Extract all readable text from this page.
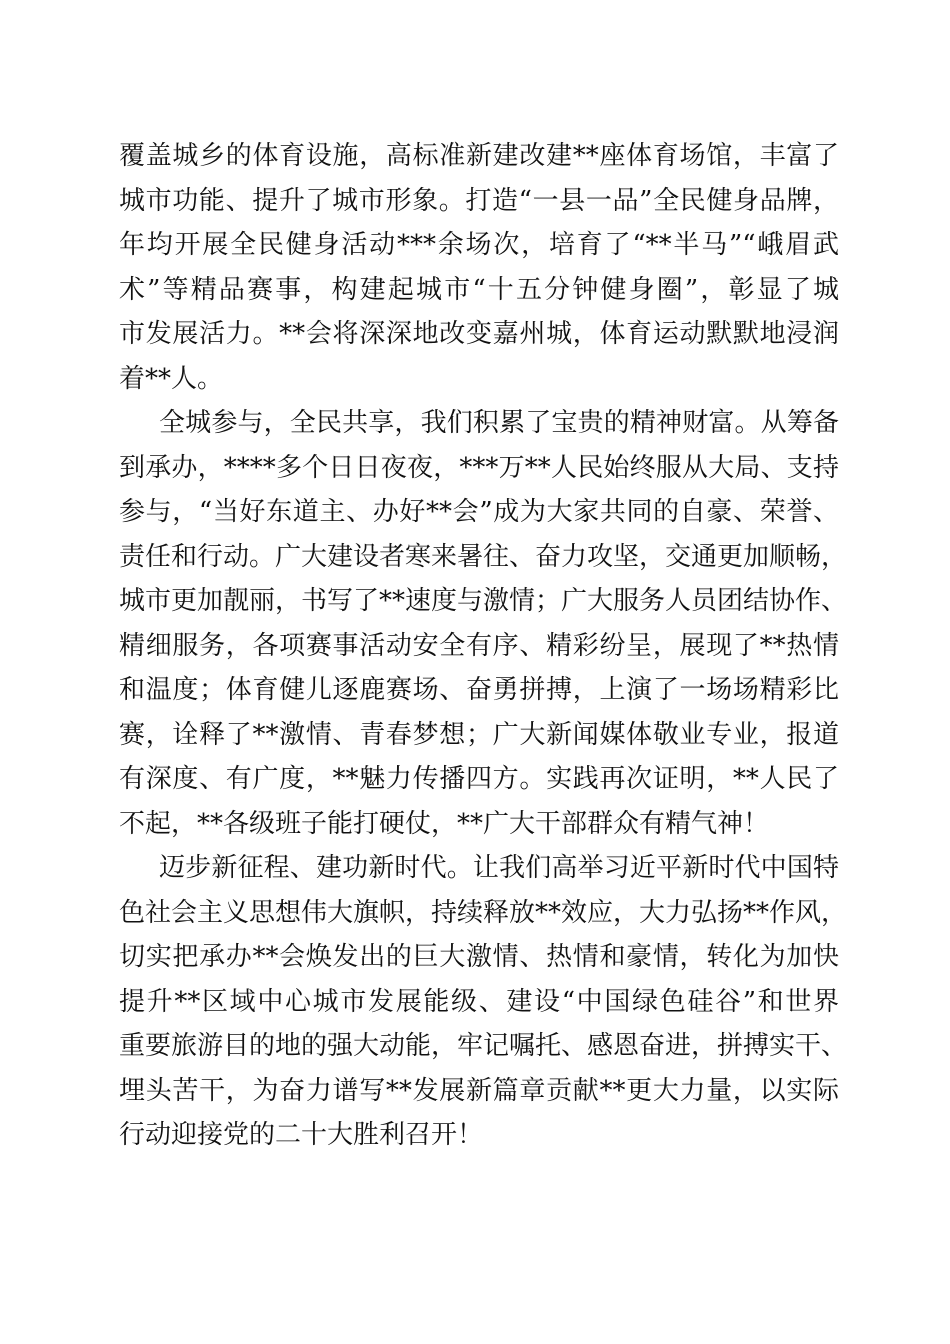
覆盖城乡的体育设施，高标准新建改建**座体育场馆，丰富了
城市功能、提升了城市形象。打造“一县一品”全民健身品牌，
年均开展全民健身活动***余场次，培育了“**半马”“峨眉武
术”等精品赛事，构建起城市“十五分钟健身圈”，彰显了城
市发展活力。**会将深深地改变嘉州城，体育运动默默地浸润
着**人。
全城参与，全民共享，我们积累了宝贵的精神财富。从筹备
到承办，****多个日日夜夜，***万**人民始终服从大局、支持
参与，“当好东道主、办好**会”成为大家共同的自豪、荣誉、
责任和行动。广大建设者寒来暑往、奋力攻坚，交通更加顺畅，
城市更加靓丽，书写了**速度与激情；广大服务人员团结协作、
精细服务，各项赛事活动安全有序、精彩纷呈，展现了**热情
和温度；体育健儿逐鹿赛场、奋勇拼搏，上演了一场场精彩比
赛，诠释了**激情、青春梦想；广大新闻媒体敬业专业，报道
有深度、有广度，**魅力传播四方。实践再次证明，**人民了
不起，**各级班子能打硬仗，**广大干部群众有精气神！
迈步新征程、建功新时代。让我们高举习近平新时代中国特
色社会主义思想伟大旗帜，持续释放**效应，大力弘扬**作风，
切实把承办**会焕发出的巨大激情、热情和豪情，转化为加快
提升**区域中心城市发展能级、建设“中国绿色硅谷”和世界
重要旅游目的地的强大动能，牢记嘱托、感恩奋进，拼搏实干、
埋头苦干，为奋力谱写**发展新篇章贡献**更大力量，以实际
行动迎接党的二十大胜利召开！
